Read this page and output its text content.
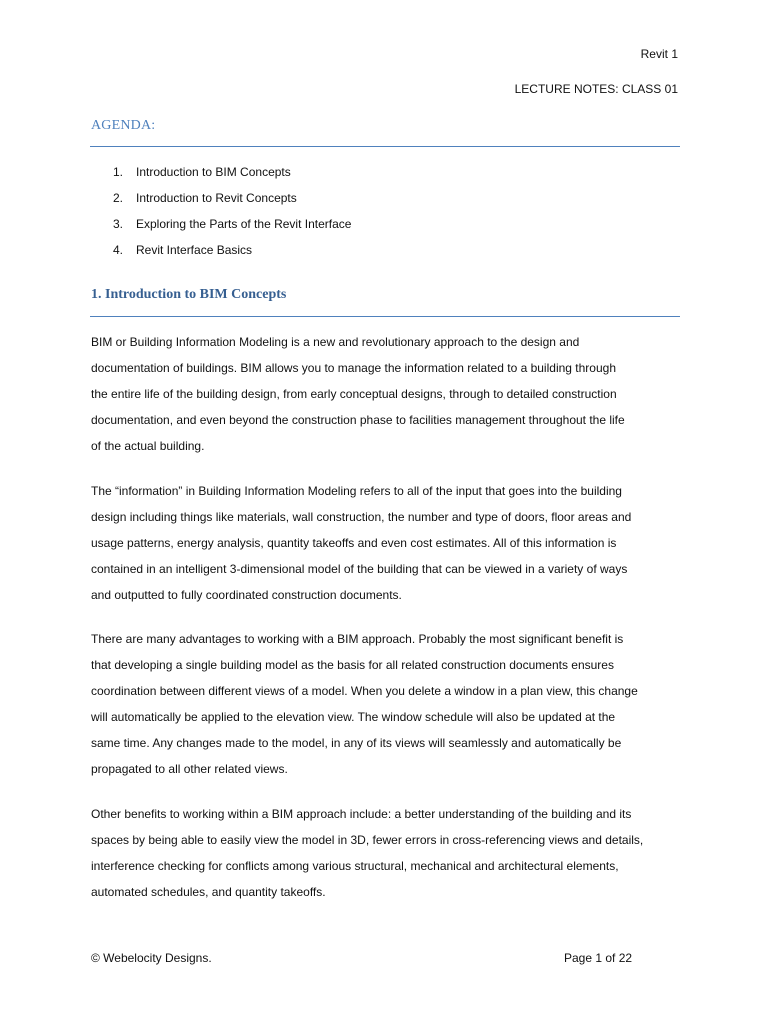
Revit 1
LECTURE NOTES: CLASS 01
AGENDA:
1.	Introduction to BIM Concepts
2.	Introduction to Revit Concepts
3.	Exploring the Parts of the Revit Interface
4.	Revit Interface Basics
1. Introduction to BIM Concepts

BIM or Building Information Modeling is a new and revolutionary approach to the design and
documentation of buildings. BIM allows you to manage the information related to a building through
the entire life of the building design, from early conceptual designs, through to detailed construction
documentation, and even beyond the construction phase to facilities management throughout the life
of the actual building.

The “information” in Building Information Modeling refers to all of the input that goes into the building
design including things like materials, wall construction, the number and type of doors, floor areas and
usage patterns, energy analysis, quantity takeoffs and even cost estimates. All of this information is
contained in an intelligent 3-dimensional model of the building that can be viewed in a variety of ways
and outputted to fully coordinated construction documents.

There are many advantages to working with a BIM approach. Probably the most significant benefit is
that developing a single building model as the basis for all related construction documents ensures
coordination between different views of a model. When you delete a window in a plan view, this change
will automatically be applied to the elevation view. The window schedule will also be updated at the
same time. Any changes made to the model, in any of its views will seamlessly and automatically be
propagated to all other related views.

Other benefits to working within a BIM approach include: a better understanding of the building and its
spaces by being able to easily view the model in 3D, fewer errors in cross-referencing views and details,
interference checking for conflicts among various structural, mechanical and architectural elements,
automated schedules, and quantity takeoffs.

© Webelocity Designs.	Page 1 of 22
